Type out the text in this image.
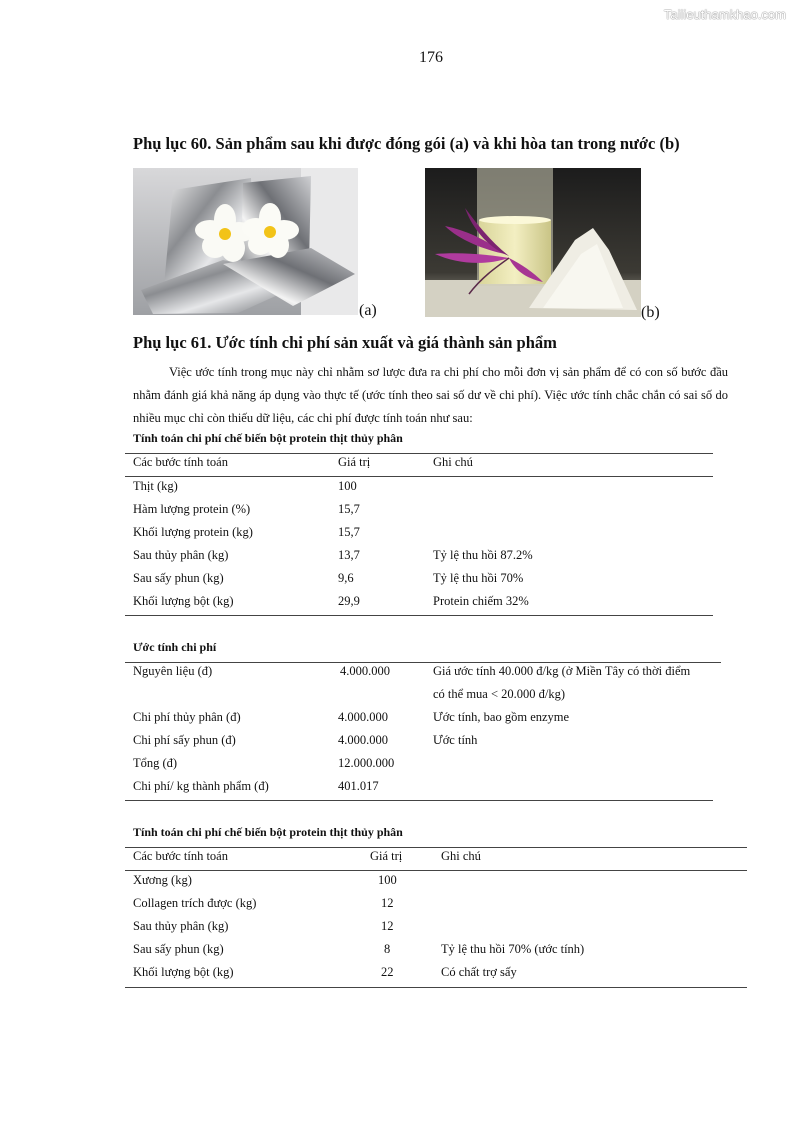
Tailieuthamkhao.com
176
Phụ lục 60. Sản phẩm sau khi được đóng gói (a) và khi hòa tan trong nước (b)
(a)	(b)
Phụ lục 61. Ước tính chi phí sản xuất và giá thành sản phẩm

Việc ước tính trong mục này chỉ nhằm sơ lược đưa ra chi phí cho mỗi đơn vị sản phẩm để có con số bước đầu nhằm đánh giá khả năng áp dụng vào thực tế (ước tính theo sai số dư về chi phí). Việc ước tính chắc chắn có sai số do nhiều mục chỉ còn thiếu dữ liệu, các chi phí được tính toán như sau:

Tính toán chi phí chế biến bột protein thịt thủy phân
Các bước tính toán	Giá trị	Ghi chú
Thịt (kg)	100
Hàm lượng protein (%)	15,7
Khối lượng protein (kg)	15,7
Sau thủy phân (kg)	13,7	Tỷ lệ thu hồi 87.2%
Sau sấy phun (kg)	9,6	Tỷ lệ thu hồi 70%
Khối lượng bột (kg)	29,9	Protein chiếm 32%
Ước tính chi phí
Nguyên liệu (đ)	4.000.000	Giá ước tính 40.000 đ/kg (ở Miền Tây có thời điểm
có thể mua < 20.000 đ/kg)
Chi phí thủy phân (đ)	4.000.000	Ước tính, bao gồm enzyme
Chi phí sấy phun (đ)	4.000.000	Ước tính
Tổng (đ)	12.000.000
Chi phí/ kg thành phẩm (đ)	401.017
Tính toán chi phí chế biến bột protein thịt thủy phân
Các bước tính toán	Giá trị	Ghi chú
Xương (kg)	100
Collagen trích được (kg)	12
Sau thủy phân (kg)	12
Sau sấy phun (kg)	8	Tỷ lệ thu hồi 70% (ước tính)
Khối lượng bột (kg)	22	Có chất trợ sấy
